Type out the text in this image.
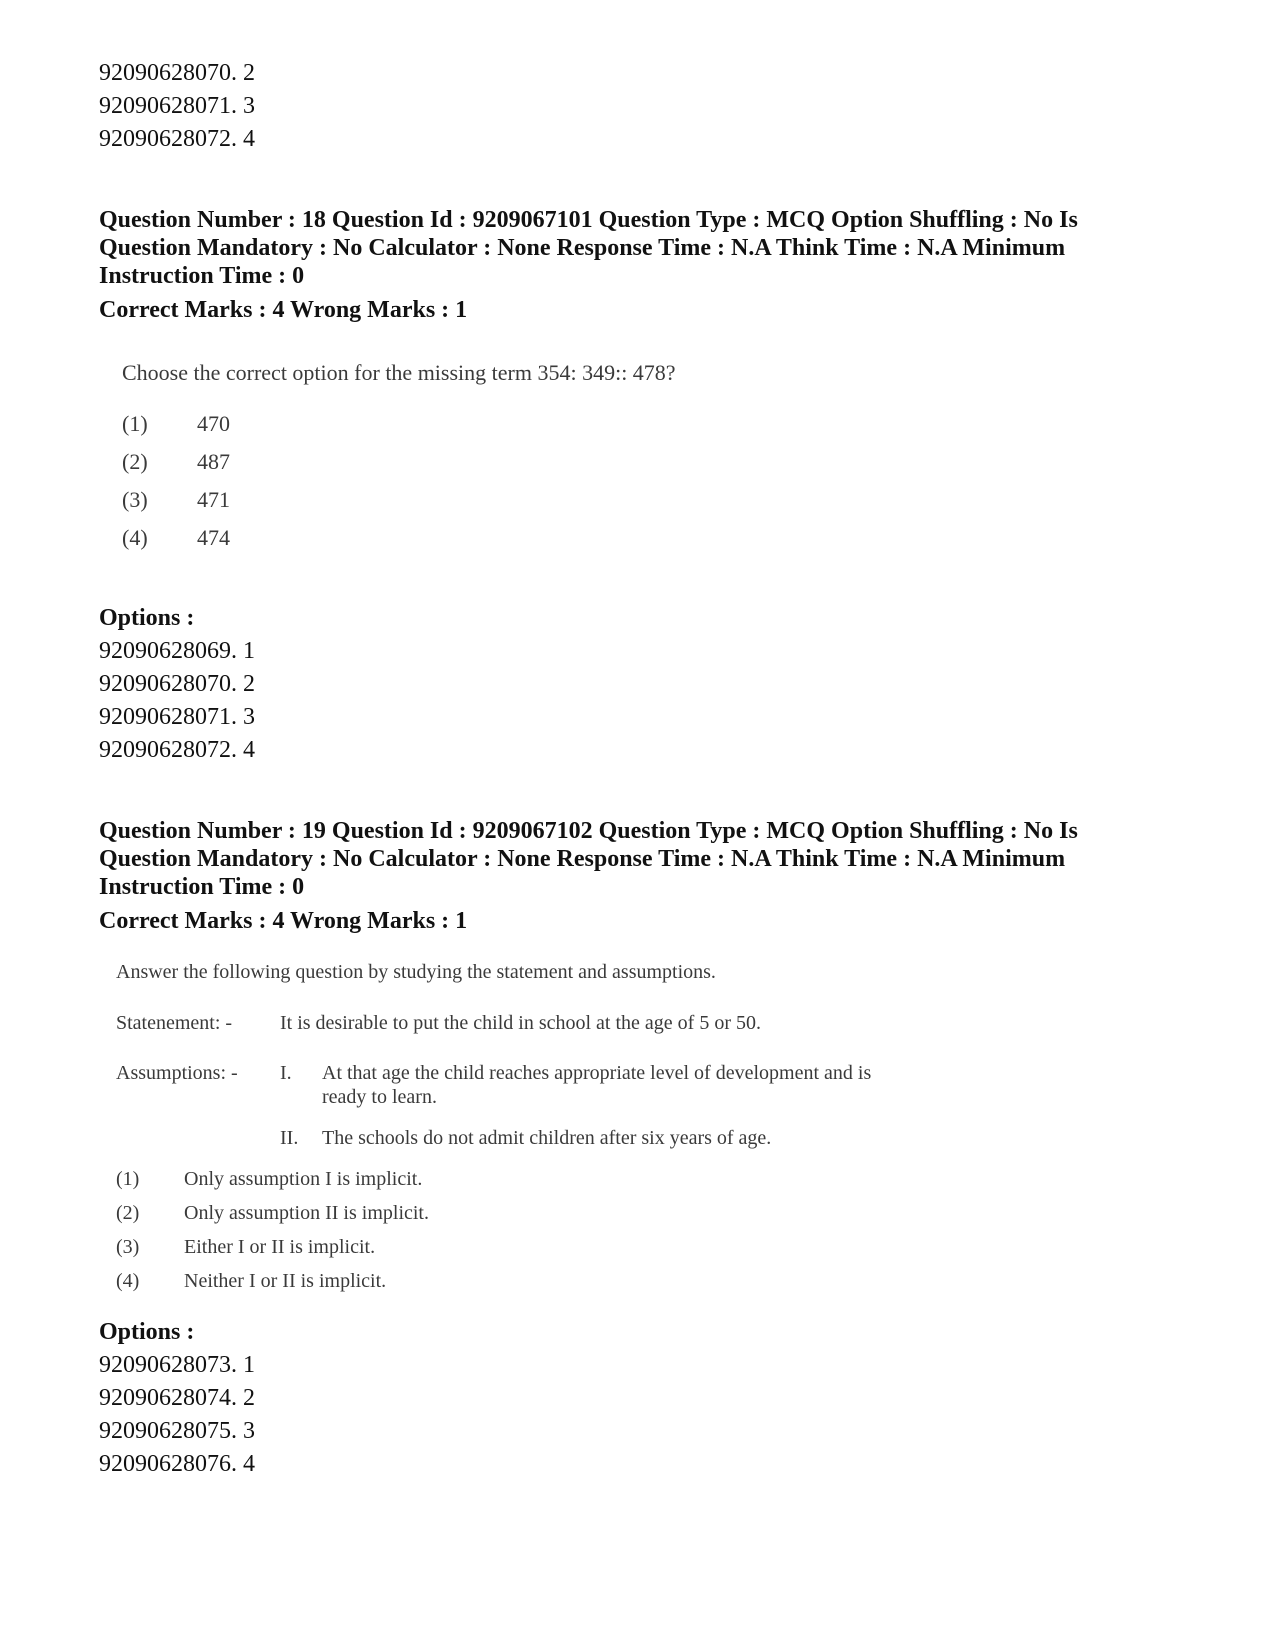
92090628070. 2

92090628071. 3

92090628072. 4

Question Number : 18 Question Id : 9209067101 Question Type : MCQ Option Shuffling : No Is

Question Mandatory : No Calculator : None Response Time : N.A Think Time : N.A Minimum

Instruction Time : 0

Correct Marks : 4 Wrong Marks : 1

Choose the correct option for the missing term 354: 349:: 478?

(1)	470
(2)	487
(3)	471
(4)	474

Options :

92090628069. 1

92090628070. 2

92090628071. 3

92090628072. 4

Question Number : 19 Question Id : 9209067102 Question Type : MCQ Option Shuffling : No Is

Question Mandatory : No Calculator : None Response Time : N.A Think Time : N.A Minimum

Instruction Time : 0

Correct Marks : 4 Wrong Marks : 1

Answer the following question by studying the statement and assumptions.

Statenement: -	It is desirable to put the child in school at the age of 5 or 50.
Assumptions: -	I.	At that age the child reaches appropriate level of development and is
ready to learn.
II.	The schools do not admit children after six years of age.
(1)	Only assumption I is implicit.
(2)	Only assumption II is implicit.
(3)	Either I or II is implicit.
(4)	Neither I or II is implicit.

Options :

92090628073. 1

92090628074. 2

92090628075. 3

92090628076. 4
